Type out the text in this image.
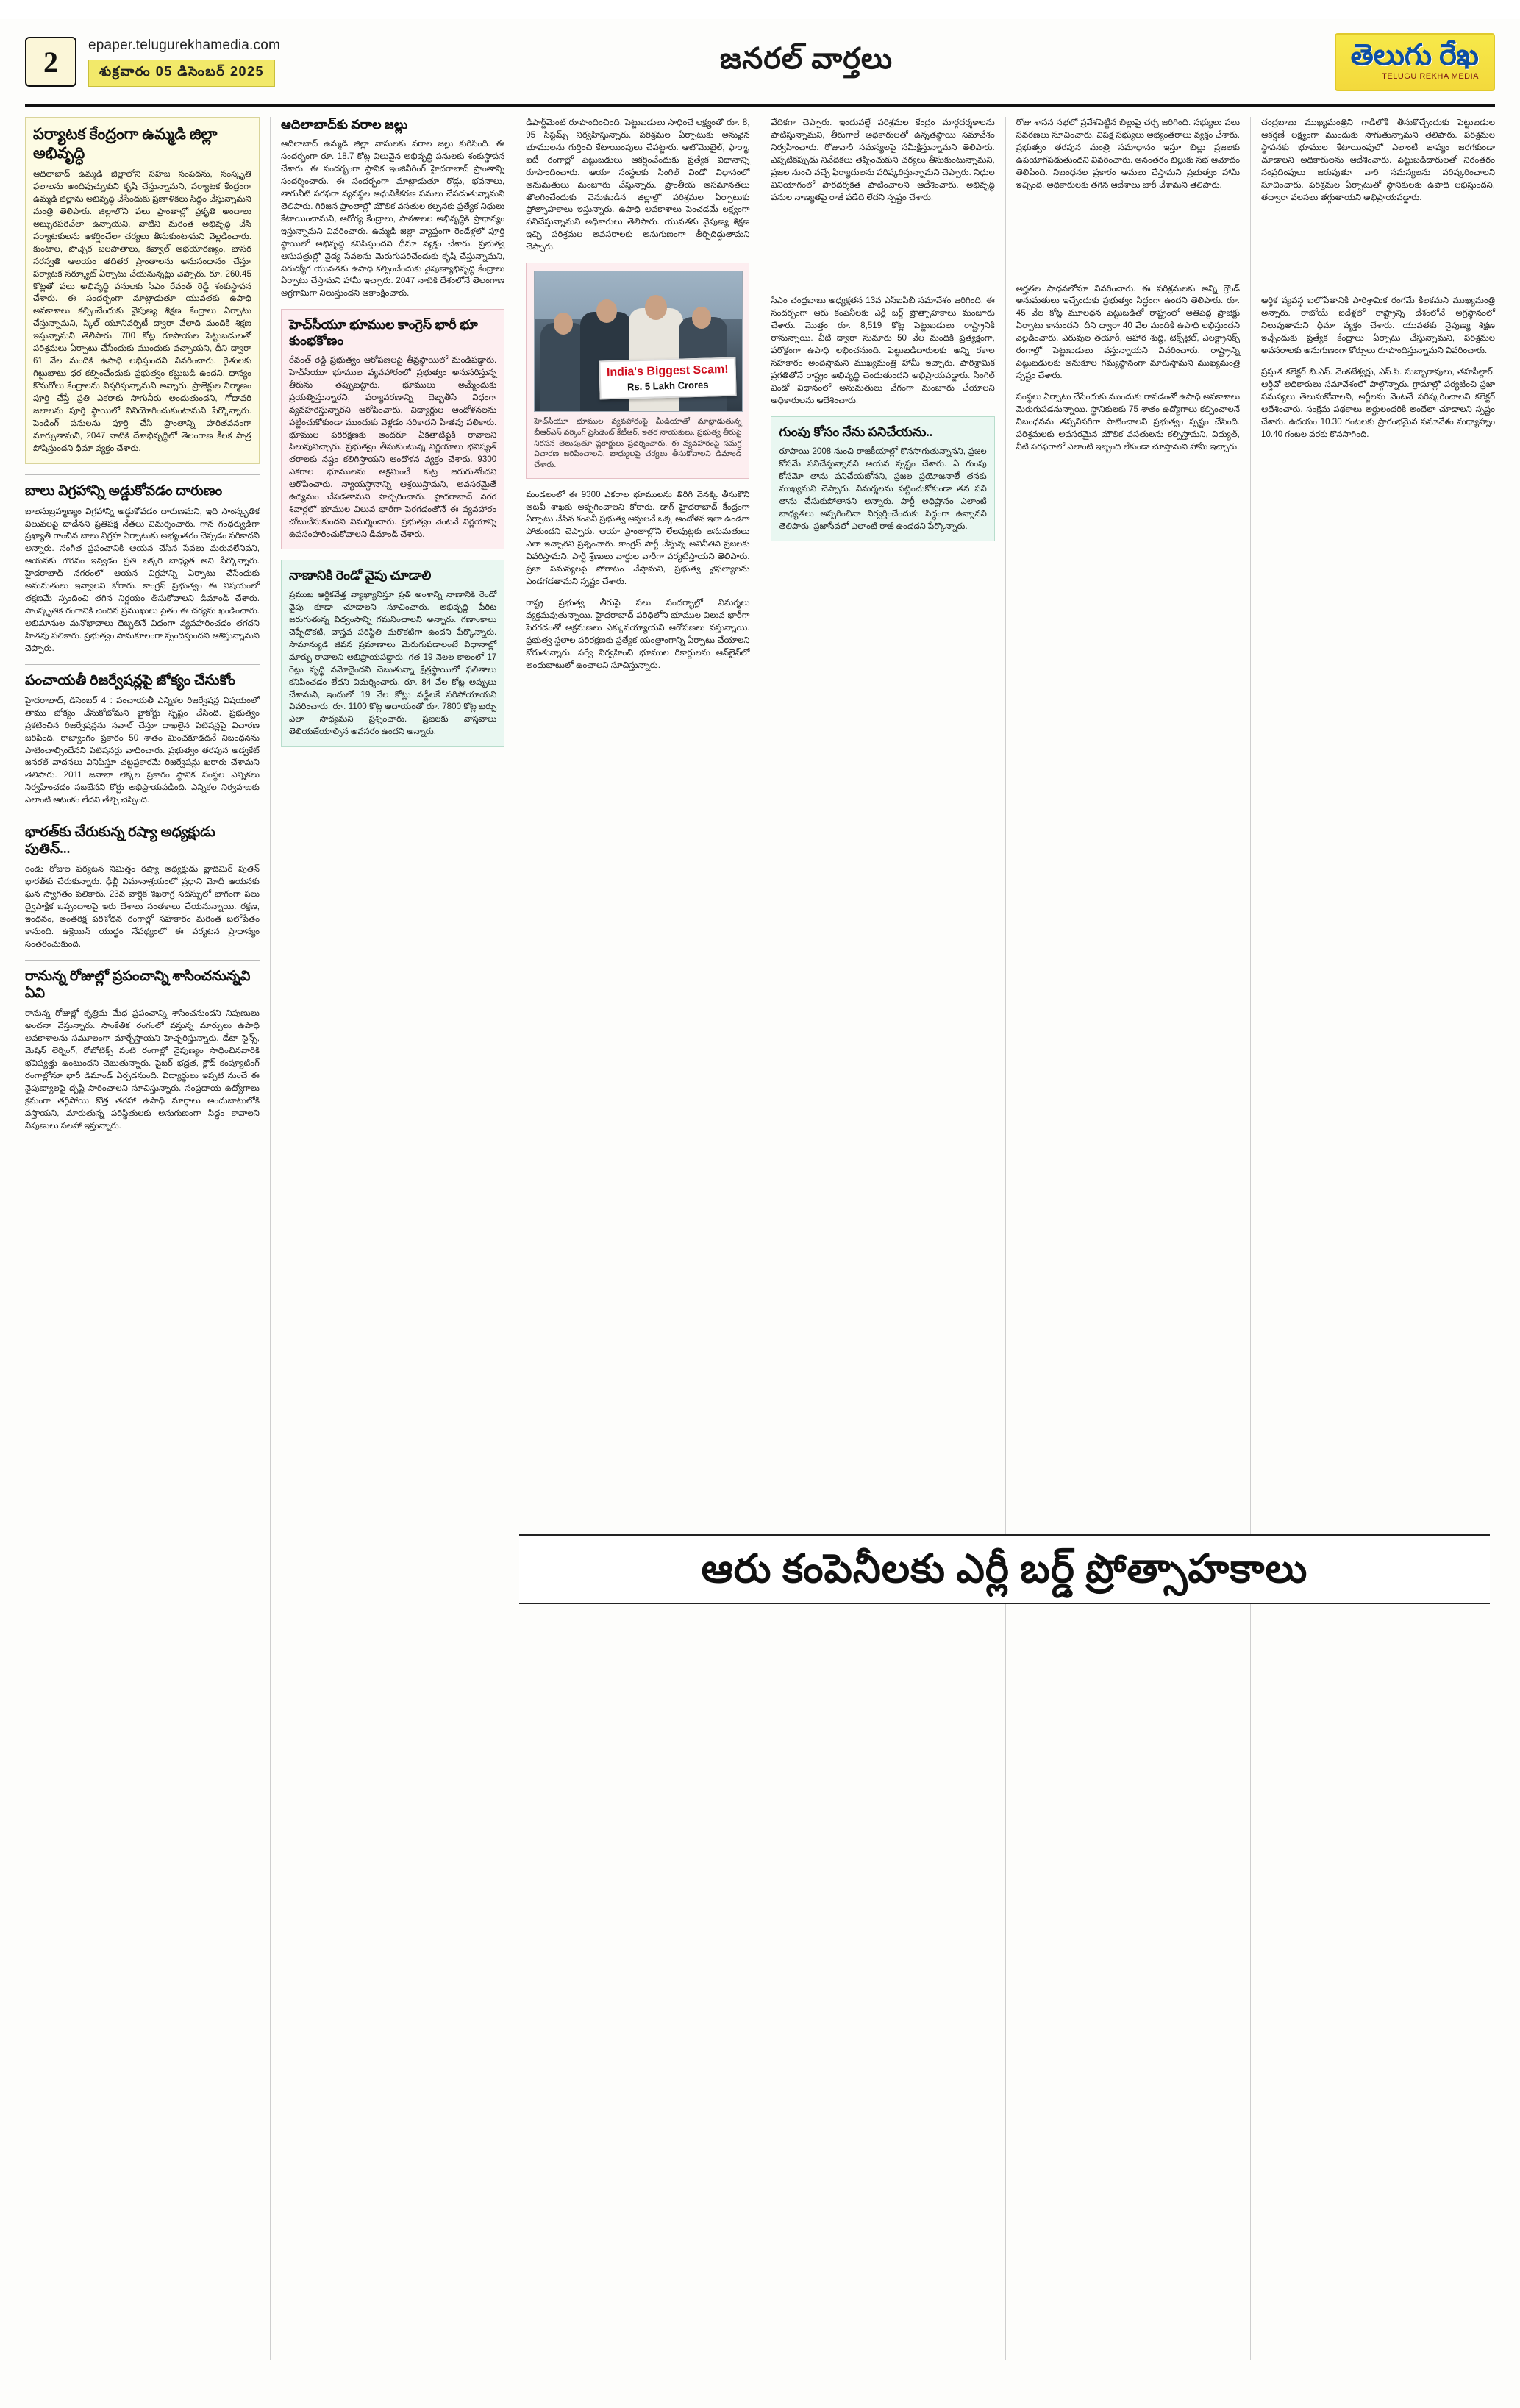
2
epaper.telugurekhamedia.com
శుక్రవారం 05 డిసెంబర్ 2025	జనరల్ వార్తలు	తెలుగు రేఖ
TELUGU REKHA MEDIA
పర్యాటక కేంద్రంగా ఉమ్మడి జిల్లా అభివృద్ధి
ఆదిలాబాద్ ఉమ్మడి జిల్లాలోని సహజ సంపదను, సంస్కృతి ఫలాలను అందిపుచ్చుకుని కృషి చేస్తున్నామని, పర్యాటక కేంద్రంగా ఉమ్మడి జిల్లాను అభివృద్ధి చేసేందుకు ప్రణాళికలు సిద్ధం చేస్తున్నామని మంత్రి తెలిపారు. జిల్లాలోని పలు ప్రాంతాల్లో ప్రకృతి అందాలు అబ్బురపరిచేలా ఉన్నాయని, వాటిని మరింత అభివృద్ధి చేసి పర్యాటకులను ఆకర్షించేలా చర్యలు తీసుకుంటామని వెల్లడించారు. కుంటాల, పొచ్చెర జలపాతాలు, కవ్వాల్ అభయారణ్యం, బాసర సరస్వతి ఆలయం తదితర ప్రాంతాలను అనుసంధానం చేస్తూ పర్యాటక సర్క్యూట్ ఏర్పాటు చేయనున్నట్లు చెప్పారు. రూ. 260.45 కోట్లతో పలు అభివృద్ధి పనులకు సీఎం రేవంత్ రెడ్డి శంకుస్థాపన చేశారు. ఈ సందర్భంగా మాట్లాడుతూ యువతకు ఉపాధి అవకాశాలు కల్పించేందుకు నైపుణ్య శిక్షణ కేంద్రాలు ఏర్పాటు చేస్తున్నామని, స్కిల్ యూనివర్సిటీ ద్వారా వేలాది మందికి శిక్షణ ఇస్తున్నామని తెలిపారు. 700 కోట్ల రూపాయల పెట్టుబడులతో పరిశ్రమలు ఏర్పాటు చేసేందుకు ముందుకు వచ్చాయని, దీని ద్వారా 61 వేల మందికి ఉపాధి లభిస్తుందని వివరించారు. రైతులకు గిట్టుబాటు ధర కల్పించేందుకు ప్రభుత్వం కట్టుబడి ఉందని, ధాన్యం కొనుగోలు కేంద్రాలను విస్తరిస్తున్నామని అన్నారు. ప్రాజెక్టుల నిర్మాణం పూర్తి చేస్తే ప్రతి ఎకరాకు సాగునీరు అందుతుందని, గోదావరి జలాలను పూర్తి స్థాయిలో వినియోగించుకుంటామని పేర్కొన్నారు. పెండింగ్ పనులను పూర్తి చేసి ప్రాంతాన్ని హరితవనంగా మార్చుతామని, 2047 నాటికి దేశాభివృద్ధిలో తెలంగాణ కీలక పాత్ర పోషిస్తుందని ధీమా వ్యక్తం చేశారు.
బాలు విగ్రహాన్ని అడ్డుకోవడం దారుణం
బాలసుబ్రహ్మణ్యం విగ్రహాన్ని అడ్డుకోవడం దారుణమని, ఇది సాంస్కృతిక విలువలపై దాడేనని ప్రతిపక్ష నేతలు విమర్శించారు. గాన గంధర్వుడిగా ప్రఖ్యాతి గాంచిన బాలు విగ్రహ ఏర్పాటుకు అభ్యంతరం చెప్పడం సరికాదని అన్నారు. సంగీత ప్రపంచానికి ఆయన చేసిన సేవలు మరువలేనివని, ఆయనకు గౌరవం ఇవ్వడం ప్రతి ఒక్కరి బాధ్యత అని పేర్కొన్నారు. హైదరాబాద్ నగరంలో ఆయన విగ్రహాన్ని ఏర్పాటు చేసేందుకు అనుమతులు ఇవ్వాలని కోరారు. కాంగ్రెస్ ప్రభుత్వం ఈ విషయంలో తక్షణమే స్పందించి తగిన నిర్ణయం తీసుకోవాలని డిమాండ్ చేశారు. సాంస్కృతిక రంగానికి చెందిన ప్రముఖులు సైతం ఈ చర్యను ఖండించారు. అభిమానుల మనోభావాలు దెబ్బతినే విధంగా వ్యవహరించడం తగదని హితవు పలికారు. ప్రభుత్వం సానుకూలంగా స్పందిస్తుందని ఆశిస్తున్నామని చెప్పారు.
పంచాయతీ రిజర్వేషన్లపై జోక్యం చేసుకోం
హైదరాబాద్, డిసెంబర్ 4 : పంచాయతీ ఎన్నికల రిజర్వేషన్ల విషయంలో తాము జోక్యం చేసుకోబోమని హైకోర్టు స్పష్టం చేసింది. ప్రభుత్వం ప్రకటించిన రిజర్వేషన్లను సవాల్ చేస్తూ దాఖలైన పిటిషన్లపై విచారణ జరిపింది. రాజ్యాంగం ప్రకారం 50 శాతం మించకూడదనే నిబంధనను పాటించాల్సిందేనని పిటిషనర్లు వాదించారు. ప్రభుత్వం తరపున అడ్వకేట్ జనరల్ వాదనలు వినిపిస్తూ చట్టప్రకారమే రిజర్వేషన్లు ఖరారు చేశామని తెలిపారు. 2011 జనాభా లెక్కల ప్రకారం స్థానిక సంస్థల ఎన్నికలు నిర్వహించడం సబబేనని కోర్టు అభిప్రాయపడింది. ఎన్నికల నిర్వహణకు ఎలాంటి ఆటంకం లేదని తేల్చి చెప్పింది.
భారత్‌కు చేరుకున్న రష్యా అధ్యక్షుడు పుతిన్...
రెండు రోజుల పర్యటన నిమిత్తం రష్యా అధ్యక్షుడు వ్లాదిమిర్ పుతిన్ భారత్‌కు చేరుకున్నారు. ఢిల్లీ విమానాశ్రయంలో ప్రధాని మోదీ ఆయనకు ఘన స్వాగతం పలికారు. 23వ వార్షిక శిఖరాగ్ర సదస్సులో భాగంగా పలు ద్వైపాక్షిక ఒప్పందాలపై ఇరు దేశాలు సంతకాలు చేయనున్నాయి. రక్షణ, ఇంధనం, అంతరిక్ష పరిశోధన రంగాల్లో సహకారం మరింత బలోపేతం కానుంది. ఉక్రెయిన్ యుద్ధం నేపథ్యంలో ఈ పర్యటన ప్రాధాన్యం సంతరించుకుంది.
రానున్న రోజుల్లో ప్రపంచాన్ని శాసించనున్నవి ఏవి
రానున్న రోజుల్లో కృత్రిమ మేధ ప్రపంచాన్ని శాసించనుందని నిపుణులు అంచనా వేస్తున్నారు. సాంకేతిక రంగంలో వస్తున్న మార్పులు ఉపాధి అవకాశాలను సమూలంగా మార్చేస్తాయని హెచ్చరిస్తున్నారు. డేటా సైన్స్, మెషిన్ లెర్నింగ్, రోబోటిక్స్ వంటి రంగాల్లో నైపుణ్యం సాధించినవారికి భవిష్యత్తు ఉంటుందని చెబుతున్నారు. సైబర్ భద్రత, క్లౌడ్ కంప్యూటింగ్ రంగాల్లోనూ భారీ డిమాండ్ ఏర్పడనుంది. విద్యార్థులు ఇప్పటి నుంచే ఈ నైపుణ్యాలపై దృష్టి సారించాలని సూచిస్తున్నారు. సంప్రదాయ ఉద్యోగాలు క్రమంగా తగ్గిపోయి కొత్త తరహా ఉపాధి మార్గాలు అందుబాటులోకి వస్తాయని, మారుతున్న పరిస్థితులకు అనుగుణంగా సిద్ధం కావాలని నిపుణులు సలహా ఇస్తున్నారు.
ఆదిలాబాద్‌కు వరాల జల్లు
ఆదిలాబాద్ ఉమ్మడి జిల్లా వాసులకు వరాల జల్లు కురిసింది. ఈ సందర్భంగా రూ. 18.7 కోట్ల విలువైన అభివృద్ధి పనులకు శంకుస్థాపన చేశారు. ఈ సందర్భంగా స్థానిక ఇంజినీరింగ్ హైదరాబాద్ ప్రాంతాన్ని సందర్శించారు. ఈ సందర్భంగా మాట్లాడుతూ రోడ్లు, భవనాలు, తాగునీటి సరఫరా వ్యవస్థల ఆధునికీకరణ పనులు చేపడుతున్నామని తెలిపారు. గిరిజన ప్రాంతాల్లో మౌలిక వసతుల కల్పనకు ప్రత్యేక నిధులు కేటాయించామని, ఆరోగ్య కేంద్రాలు, పాఠశాలల అభివృద్ధికి ప్రాధాన్యం ఇస్తున్నామని వివరించారు. ఉమ్మడి జిల్లా వ్యాప్తంగా రెండేళ్లలో పూర్తి స్థాయిలో అభివృద్ధి కనిపిస్తుందని ధీమా వ్యక్తం చేశారు. ప్రభుత్వ ఆసుపత్రుల్లో వైద్య సేవలను మెరుగుపరిచేందుకు కృషి చేస్తున్నామని, నిరుద్యోగ యువతకు ఉపాధి కల్పించేందుకు నైపుణ్యాభివృద్ధి కేంద్రాలు ఏర్పాటు చేస్తామని హామీ ఇచ్చారు. 2047 నాటికి దేశంలోనే తెలంగాణ అగ్రగామిగా నిలుస్తుందని ఆకాంక్షించారు.
హెచ్‌సీయూ భూముల కాంగ్రెస్ భారీ భూ కుంభకోణం
రేవంత్ రెడ్డి ప్రభుత్వం ఆరోపణలపై తీవ్రస్థాయిలో మండిపడ్డారు. హెచ్‌సీయూ భూముల వ్యవహారంలో ప్రభుత్వం అనుసరిస్తున్న తీరును తప్పుబట్టారు. భూములు అమ్మేందుకు ప్రయత్నిస్తున్నారని, పర్యావరణాన్ని దెబ్బతీసే విధంగా వ్యవహరిస్తున్నారని ఆరోపించారు. విద్యార్థుల ఆందోళనలను పట్టించుకోకుండా ముందుకు వెళ్లడం సరికాదని హితవు పలికారు. భూముల పరిరక్షణకు అందరూ ఏకతాటిపైకి రావాలని పిలుపునిచ్చారు. ప్రభుత్వం తీసుకుంటున్న నిర్ణయాలు భవిష్యత్ తరాలకు నష్టం కలిగిస్తాయని ఆందోళన వ్యక్తం చేశారు. 9300 ఎకరాల భూములను ఆక్రమించే కుట్ర జరుగుతోందని ఆరోపించారు. న్యాయస్థానాన్ని ఆశ్రయిస్తామని, అవసరమైతే ఉద్యమం చేపడతామని హెచ్చరించారు. హైదరాబాద్ నగర శివార్లలో భూముల విలువ భారీగా పెరగడంతోనే ఈ వ్యవహారం చోటుచేసుకుందని విమర్శించారు. ప్రభుత్వం వెంటనే నిర్ణయాన్ని ఉపసంహరించుకోవాలని డిమాండ్ చేశారు.
నాణానికి రెండో వైపు చూడాలి
ప్రముఖ ఆర్థికవేత్త వ్యాఖ్యానిస్తూ ప్రతి అంశాన్ని నాణానికి రెండో వైపు కూడా చూడాలని సూచించారు. అభివృద్ధి పేరిట జరుగుతున్న విధ్వంసాన్ని గమనించాలని అన్నారు. గణాంకాలు చెప్పేదొకటి, వాస్తవ పరిస్థితి మరొకటిగా ఉందని పేర్కొన్నారు. సామాన్యుడి జీవన ప్రమాణాలు మెరుగుపడాలంటే విధానాల్లో మార్పు రావాలని అభిప్రాయపడ్డారు. గత 19 నెలల కాలంలో 17 రెట్లు వృద్ధి నమోదైందని చెబుతున్నా క్షేత్రస్థాయిలో ఫలితాలు కనిపించడం లేదని విమర్శించారు. రూ. 84 వేల కోట్ల అప్పులు చేశామని, ఇందులో 19 వేల కోట్లు వడ్డీలకే సరిపోయాయని వివరించారు. రూ. 1100 కోట్ల ఆదాయంతో రూ. 7800 కోట్ల ఖర్చు ఎలా సాధ్యమని ప్రశ్నించారు. ప్రజలకు వాస్తవాలు తెలియజేయాల్సిన అవసరం ఉందని అన్నారు.
డిపార్ట్‌మెంట్ రూపొందించింది. పెట్టుబడులు సాధించే లక్ష్యంతో రూ. 8, 95 సిస్టమ్స్ నిర్వహిస్తున్నారు. పరిశ్రమల ఏర్పాటుకు అనువైన భూములను గుర్తించి కేటాయింపులు చేపట్టారు. ఆటోమొబైల్, ఫార్మా, ఐటీ రంగాల్లో పెట్టుబడులు ఆకర్షించేందుకు ప్రత్యేక విధానాన్ని రూపొందించారు. ఆయా సంస్థలకు సింగిల్ విండో విధానంలో అనుమతులు మంజూరు చేస్తున్నారు. ప్రాంతీయ అసమానతలు తొలగించేందుకు వెనుకబడిన జిల్లాల్లో పరిశ్రమల ఏర్పాటుకు ప్రోత్సాహకాలు ఇస్తున్నారు. ఉపాధి అవకాశాలు పెంచడమే లక్ష్యంగా పనిచేస్తున్నామని అధికారులు తెలిపారు. యువతకు నైపుణ్య శిక్షణ ఇచ్చి పరిశ్రమల అవసరాలకు అనుగుణంగా తీర్చిదిద్దుతామని చెప్పారు.
India's Biggest Scam!
Rs. 5 Lakh Crores
హెచ్‌సీయూ భూముల వ్యవహారంపై మీడియాతో మాట్లాడుతున్న బీఆర్ఎస్ వర్కింగ్ ప్రెసిడెంట్ కేటీఆర్, ఇతర నాయకులు. ప్రభుత్వ తీరుపై నిరసన తెలుపుతూ ప్లకార్డులు ప్రదర్శించారు. ఈ వ్యవహారంపై సమగ్ర విచారణ జరిపించాలని, బాధ్యులపై చర్యలు తీసుకోవాలని డిమాండ్ చేశారు.
మండలంలో ఈ 9300 ఎకరాల భూములను తిరిగి వెనక్కి తీసుకొని అటవీ శాఖకు అప్పగించాలని కోరారు. డాగ్ హైదరాబాద్ కేంద్రంగా ఏర్పాటు చేసిన కంపెనీ ప్రభుత్వ ఆస్తులనే ఒక్క ఆందోళన ఇలా ఉండగా పోతుందని చెప్పారు. ఆయా ప్రాంతాల్లోని లేఅవుట్లకు అనుమతులు ఎలా ఇచ్చారని ప్రశ్నించారు. కాంగ్రెస్ పార్టీ చేస్తున్న అవినీతిని ప్రజలకు వివరిస్తామని, పార్టీ శ్రేణులు వార్డుల వారీగా పర్యటిస్తాయని తెలిపారు. ప్రజా సమస్యలపై పోరాటం చేస్తామని, ప్రభుత్వ వైఫల్యాలను ఎండగడతామని స్పష్టం చేశారు.
రాష్ట్ర ప్రభుత్వ తీరుపై పలు సందర్భాల్లో విమర్శలు వ్యక్తమవుతున్నాయి. హైదరాబాద్ పరిధిలోని భూముల విలువ భారీగా పెరగడంతో ఆక్రమణలు ఎక్కువయ్యాయని ఆరోపణలు వస్తున్నాయి. ప్రభుత్వ స్థలాల పరిరక్షణకు ప్రత్యేక యంత్రాంగాన్ని ఏర్పాటు చేయాలని కోరుతున్నారు. సర్వే నిర్వహించి భూముల రికార్డులను ఆన్‌లైన్‌లో అందుబాటులో ఉంచాలని సూచిస్తున్నారు.
వేదికగా చెప్పారు. ఇందువల్లే పరిశ్రమల కేంద్రం మార్గదర్శకాలను పాటిస్తున్నామని, తీరుగాలే అధికారులతో ఉన్నతస్థాయి సమావేశం నిర్వహించారు. రోజువారీ సమస్యలపై సమీక్షిస్తున్నామని తెలిపారు. ఎప్పటికప్పుడు నివేదికలు తెప్పించుకుని చర్యలు తీసుకుంటున్నామని, ప్రజల నుంచి వచ్చే ఫిర్యాదులను పరిష్కరిస్తున్నామని చెప్పారు. నిధుల వినియోగంలో పారదర్శకత పాటించాలని ఆదేశించారు. అభివృద్ధి పనుల నాణ్యతపై రాజీ పడేది లేదని స్పష్టం చేశారు.
సీఎం చంద్రబాబు అధ్యక్షతన 13వ ఎస్‌ఐపీబీ సమావేశం జరిగింది. ఈ సందర్భంగా ఆరు కంపెనీలకు ఎర్లీ బర్డ్ ప్రోత్సాహకాలు మంజూరు చేశారు. మొత్తం రూ. 8,519 కోట్ల పెట్టుబడులు రాష్ట్రానికి రానున్నాయి. వీటి ద్వారా సుమారు 50 వేల మందికి ప్రత్యక్షంగా, పరోక్షంగా ఉపాధి లభించనుంది. పెట్టుబడిదారులకు అన్ని రకాల సహకారం అందిస్తామని ముఖ్యమంత్రి హామీ ఇచ్చారు. పారిశ్రామిక ప్రగతితోనే రాష్ట్రం అభివృద్ధి చెందుతుందని అభిప్రాయపడ్డారు. సింగిల్ విండో విధానంలో అనుమతులు వేగంగా మంజూరు చేయాలని అధికారులను ఆదేశించారు.
గుంపు కోసం నేను పనిచేయను..
రూపాయి 2008 నుంచి రాజకీయాల్లో కొనసాగుతున్నానని, ప్రజల కోసమే పనిచేస్తున్నానని ఆయన స్పష్టం చేశారు. ఏ గుంపు కోసమో తాను పనిచేయబోనని, ప్రజల ప్రయోజనాలే తనకు ముఖ్యమని చెప్పారు. విమర్శలను పట్టించుకోకుండా తన పని తాను చేసుకుపోతానని అన్నారు. పార్టీ అధిష్టానం ఎలాంటి బాధ్యతలు అప్పగించినా నిర్వర్తించేందుకు సిద్ధంగా ఉన్నానని తెలిపారు. ప్రజాసేవలో ఎలాంటి రాజీ ఉండదని పేర్కొన్నారు.
రోజు శాసన సభలో ప్రవేశపెట్టిన బిల్లుపై చర్చ జరిగింది. సభ్యులు పలు సవరణలు సూచించారు. విపక్ష సభ్యులు అభ్యంతరాలు వ్యక్తం చేశారు. ప్రభుత్వం తరపున మంత్రి సమాధానం ఇస్తూ బిల్లు ప్రజలకు ఉపయోగపడుతుందని వివరించారు. అనంతరం బిల్లుకు సభ ఆమోదం తెలిపింది. నిబంధనల ప్రకారం అమలు చేస్తామని ప్రభుత్వం హామీ ఇచ్చింది. అధికారులకు తగిన ఆదేశాలు జారీ చేశామని తెలిపారు.
అర్హతల సాధనలోనూ వివరించారు. ఈ పరిశ్రమలకు అన్ని గ్రౌండ్ అనుమతులు ఇచ్చేందుకు ప్రభుత్వం సిద్ధంగా ఉందని తెలిపారు. రూ. 45 వేల కోట్ల మూలధన పెట్టుబడితో రాష్ట్రంలో అతిపెద్ద ప్రాజెక్టు ఏర్పాటు కానుందని, దీని ద్వారా 40 వేల మందికి ఉపాధి లభిస్తుందని వెల్లడించారు. ఎరువుల తయారీ, ఆహార శుద్ధి, టెక్స్‌టైల్, ఎలక్ట్రానిక్స్ రంగాల్లో పెట్టుబడులు వస్తున్నాయని వివరించారు. రాష్ట్రాన్ని పెట్టుబడులకు అనుకూల గమ్యస్థానంగా మారుస్తామని ముఖ్యమంత్రి స్పష్టం చేశారు.
సంస్థలు ఏర్పాటు చేసేందుకు ముందుకు రావడంతో ఉపాధి అవకాశాలు మెరుగుపడనున్నాయి. స్థానికులకు 75 శాతం ఉద్యోగాలు కల్పించాలనే నిబంధనను తప్పనిసరిగా పాటించాలని ప్రభుత్వం స్పష్టం చేసింది. పరిశ్రమలకు అవసరమైన మౌలిక వసతులను కల్పిస్తామని, విద్యుత్, నీటి సరఫరాలో ఎలాంటి ఇబ్బంది లేకుండా చూస్తామని హామీ ఇచ్చారు.
చంద్రబాబు ముఖ్యమంత్రిని గాడిలోకి తీసుకొచ్చేందుకు పెట్టుబడుల ఆకర్షణే లక్ష్యంగా ముందుకు సాగుతున్నామని తెలిపారు. పరిశ్రమల స్థాపనకు భూముల కేటాయింపులో ఎలాంటి జాప్యం జరగకుండా చూడాలని అధికారులను ఆదేశించారు. పెట్టుబడిదారులతో నిరంతరం సంప్రదింపులు జరుపుతూ వారి సమస్యలను పరిష్కరించాలని సూచించారు. పరిశ్రమల ఏర్పాటుతో స్థానికులకు ఉపాధి లభిస్తుందని, తద్వారా వలసలు తగ్గుతాయని అభిప్రాయపడ్డారు.
ఆర్థిక వ్యవస్థ బలోపేతానికి పారిశ్రామిక రంగమే కీలకమని ముఖ్యమంత్రి అన్నారు. రాబోయే ఐదేళ్లలో రాష్ట్రాన్ని దేశంలోనే అగ్రస్థానంలో నిలుపుతామని ధీమా వ్యక్తం చేశారు. యువతకు నైపుణ్య శిక్షణ ఇచ్చేందుకు ప్రత్యేక కేంద్రాలు ఏర్పాటు చేస్తున్నామని, పరిశ్రమల అవసరాలకు అనుగుణంగా కోర్సులు రూపొందిస్తున్నామని వివరించారు.
ప్రస్తుత కలెక్టర్ బి.ఎస్. వెంకటేశ్వర్లు, ఎస్.పి. సుబ్బారావులు, తహసీల్దార్, ఆర్డీవో అధికారులు సమావేశంలో పాల్గొన్నారు. గ్రామాల్లో పర్యటించి ప్రజా సమస్యలు తెలుసుకోవాలని, అర్జీలను వెంటనే పరిష్కరించాలని కలెక్టర్ ఆదేశించారు. సంక్షేమ పథకాలు అర్హులందరికీ అందేలా చూడాలని స్పష్టం చేశారు. ఉదయం 10.30 గంటలకు ప్రారంభమైన సమావేశం మధ్యాహ్నం 10.40 గంటల వరకు కొనసాగింది.
ఆరు కంపెనీలకు ఎర్లీ బర్డ్ ప్రోత్సాహకాలు
